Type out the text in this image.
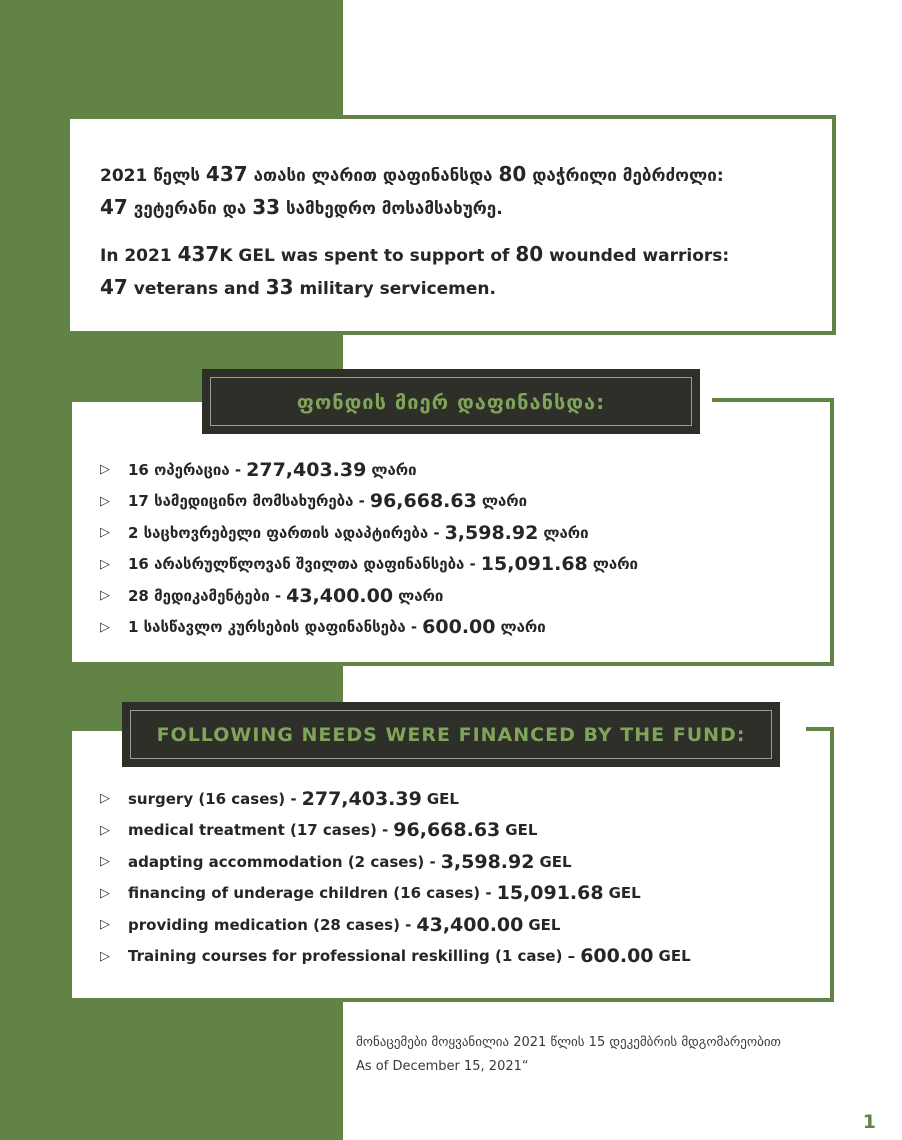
2021 წელს 437 ათასი ლარით დაფინანსდა 80 დაჭრილი მებრძოლი:

47 ვეტერანი და 33 სამხედრო მოსამსახურე.

In 2021 437K GEL was spent to support of 80 wounded warriors:

47 veterans and 33 military servicemen.

▷	16 ოპერაცია - 277,403.39 ლარი
▷	17 სამედიცინო მომსახურება - 96,668.63 ლარი
▷	2 საცხოვრებელი ფართის ადაპტირება - 3,598.92 ლარი
▷	16 არასრულწლოვან შვილთა დაფინანსება - 15,091.68 ლარი
▷	28 მედიკამენტები - 43,400.00 ლარი
▷	1 სასწავლო კურსების დაფინანსება - 600.00 ლარი
ფონდის მიერ დაფინანსდა:
▷	surgery (16 cases) - 277,403.39 GEL
▷	medical treatment (17 cases) - 96,668.63 GEL
▷	adapting accommodation (2 cases) - 3,598.92 GEL
▷	financing of underage children (16 cases) - 15,091.68 GEL
▷	providing medication (28 cases) - 43,400.00 GEL
▷	Training courses for professional reskilling (1 case) – 600.00 GEL
FOLLOWING NEEDS WERE FINANCED BY THE FUND:
მონაცემები მოყვანილია 2021 წლის 15 დეკემბრის მდგომარეობით
As of December 15, 2021“
1
